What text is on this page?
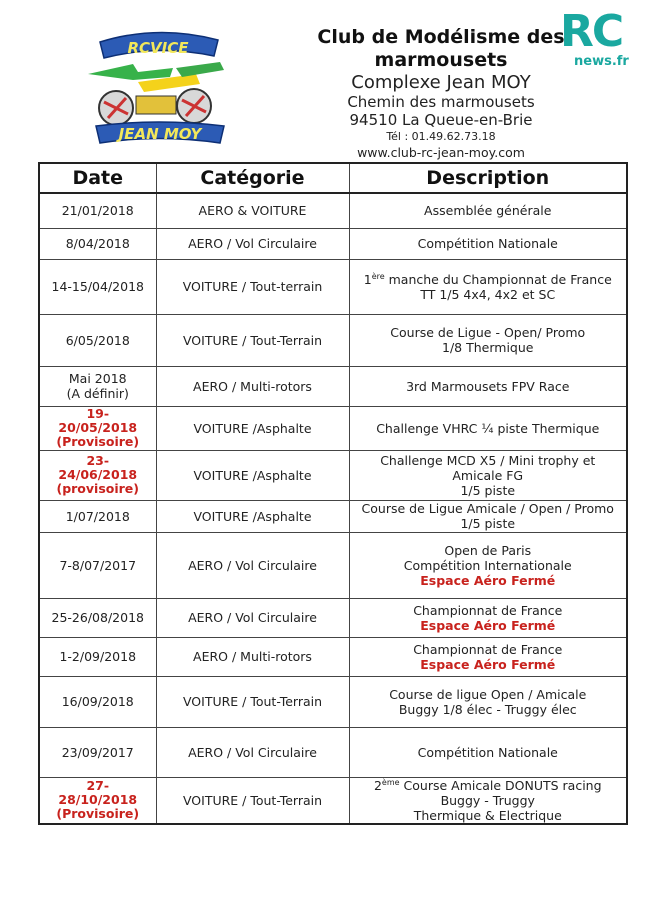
RCVICE
JEAN MOY
RC
news.fr

Club de Modélisme des

marmousets

Complexe Jean MOY

Chemin des marmousets

94510 La Queue-en-Brie

Tél : 01.49.62.73.18

www.club-rc-jean-moy.com

Date	Catégorie	Description

21/01/2018	AERO & VOITURE	Assemblée générale

8/04/2018	AERO / Vol Circulaire	Compétition Nationale

14-15/04/2018	VOITURE / Tout-terrain	1ère manche du Championnat de France
TT 1/5 4x4, 4x2 et SC

6/05/2018	VOITURE / Tout-Terrain	Course de Ligue - Open/ Promo
1/8 Thermique

Mai 2018
(A définir)	AERO / Multi-rotors	3rd Marmousets FPV Race

19-
20/05/2018
(Provisoire)	VOITURE /Asphalte	Challenge VHRC ¼ piste Thermique

23-
24/06/2018
(provisoire)	VOITURE /Asphalte	Challenge MCD X5 / Mini trophy et
Amicale FG
1/5 piste

1/07/2018	VOITURE /Asphalte	Course de Ligue Amicale / Open / Promo
1/5 piste

7-8/07/2017	AERO / Vol Circulaire	Open de Paris
Compétition Internationale
Espace Aéro Fermé

25-26/08/2018	AERO / Vol Circulaire	Championnat de France
Espace Aéro Fermé

1-2/09/2018	AERO / Multi-rotors	Championnat de France
Espace Aéro Fermé

16/09/2018	VOITURE / Tout-Terrain	Course de ligue Open / Amicale
Buggy 1/8 élec - Truggy élec

23/09/2017	AERO / Vol Circulaire	Compétition Nationale

27-
28/10/2018
(Provisoire)	VOITURE / Tout-Terrain	2ème Course Amicale DONUTS racing
Buggy - Truggy
Thermique & Electrique
